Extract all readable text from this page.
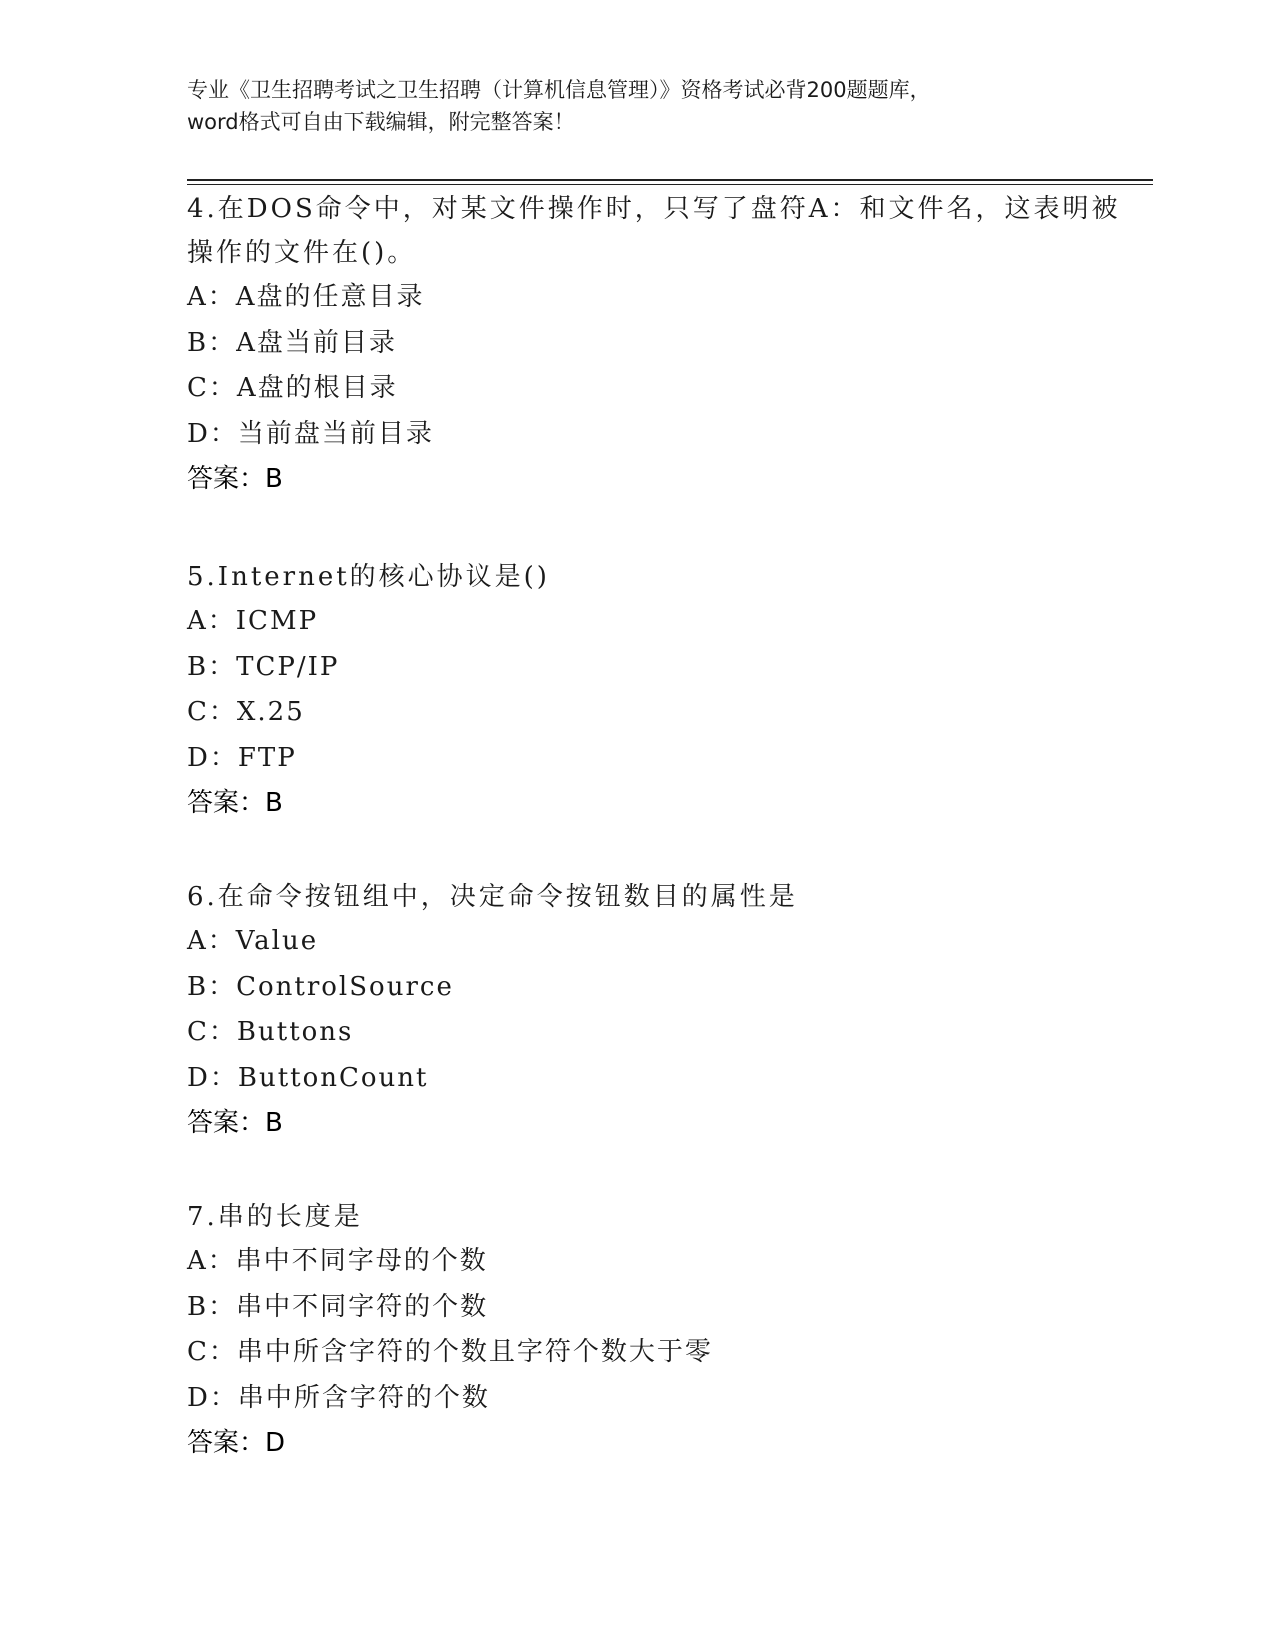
专业《卫生招聘考试之卫生招聘（计算机信息管理）》资格考试必背200题题库，

word格式可自由下载编辑，附完整答案！

4.在DOS命令中，对某文件操作时，只写了盘符A：和文件名，这表明被操作的文件在()。

A：A盘的任意目录

B：A盘当前目录

C：A盘的根目录

D：当前盘当前目录

答案：B

5.Internet的核心协议是()

A：ICMP

B：TCP/IP

C：X.25

D：FTP

答案：B

6.在命令按钮组中，决定命令按钮数目的属性是

A：Value

B：ControlSource

C：Buttons

D：ButtonCount

答案：B

7.串的长度是

A：串中不同字母的个数

B：串中不同字符的个数

C：串中所含字符的个数且字符个数大于零

D：串中所含字符的个数

答案：D
